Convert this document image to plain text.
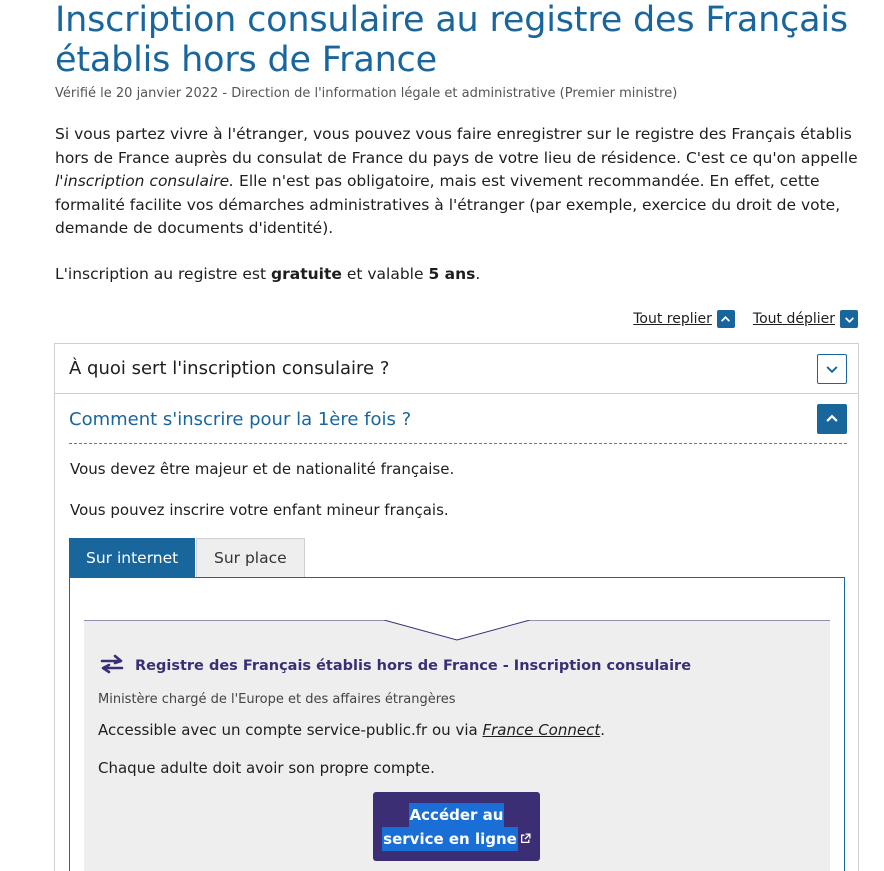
Inscription consulaire au registre des Français établis hors de France

Vérifié le 20 janvier 2022 - Direction de l'information légale et administrative (Premier ministre)

Si vous partez vivre à l'étranger, vous pouvez vous faire enregistrer sur le registre des Français établis hors de France auprès du consulat de France du pays de votre lieu de résidence. C'est ce qu'on appelle l'inscription consulaire. Elle n'est pas obligatoire, mais est vivement recommandée. En effet, cette formalité facilite vos démarches administratives à l'étranger (par exemple, exercice du droit de vote, demande de documents d'identité).

L'inscription au registre est gratuite et valable 5 ans.

Tout replier	Tout déplier
À quoi sert l'inscription consulaire ?
Comment s'inscrire pour la 1ère fois ?

Vous devez être majeur et de nationalité française.

Vous pouvez inscrire votre enfant mineur français.

Sur internet	Sur place
Registre des Français établis hors de France - Inscription consulaire

Ministère chargé de l'Europe et des affaires étrangères

Accessible avec un compte service-public.fr ou via France Connect.

Chaque adulte doit avoir son propre compte.

Accéder au
service en ligne
